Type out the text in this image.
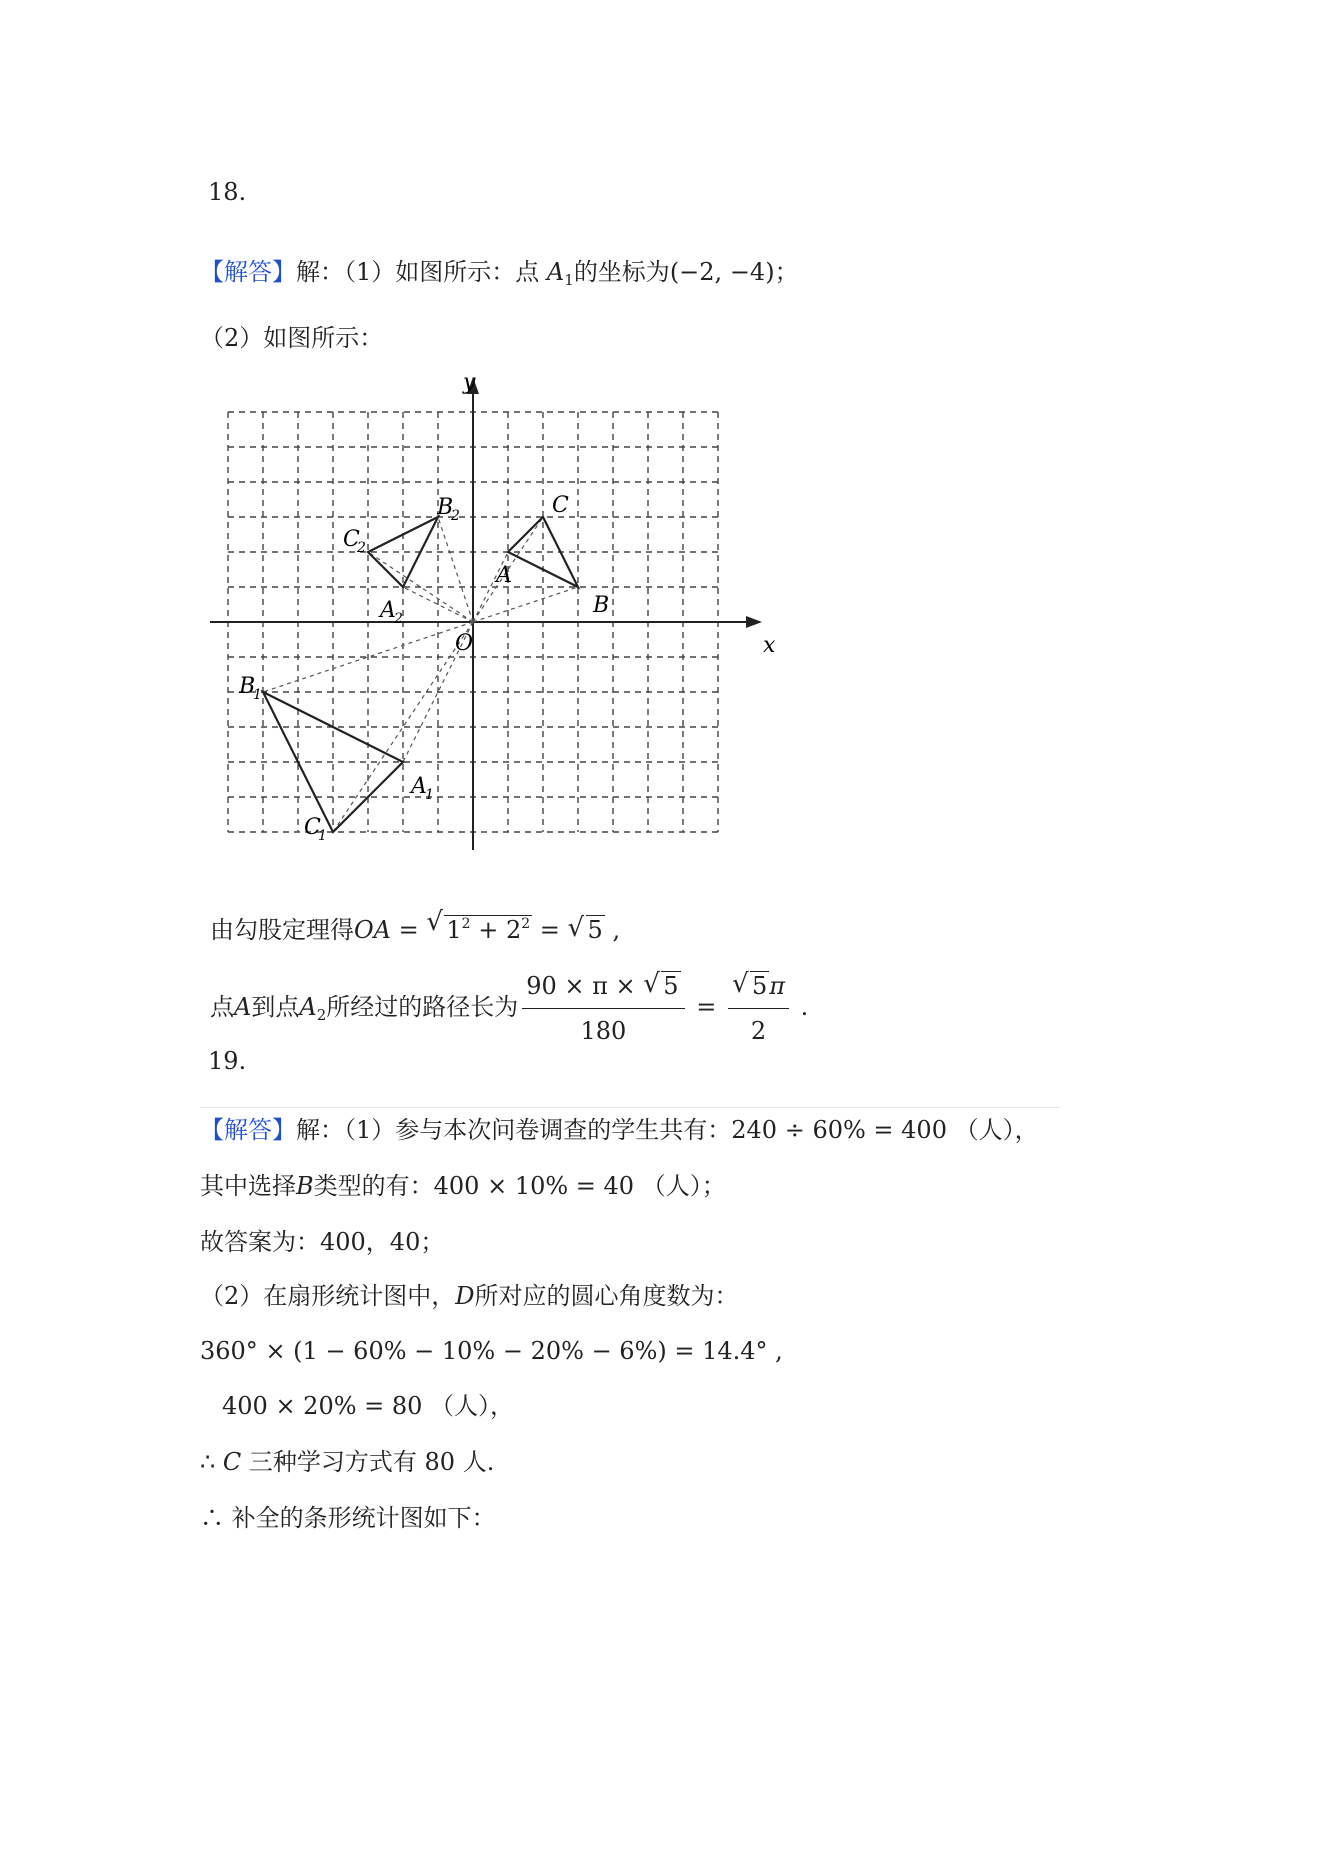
18.
【解答】解：（1）如图所示：点 $A_1$的坐标为(−2, −4)；
（2）如图所示：
y
x
O
C
B
A
B
2
C
2
A
2
B
1
A
1
C
1
由勾股定理得OA = √ $1^2 + 2^2$ = √ 5 ,
点A到点$A_2$所经过的路径长为 $\frac{90 \times \pi \times √ 5}{180} = \frac{√ 5\pi}{2}$ .
19.
【解答】解：（1）参与本次问卷调查的学生共有：240 ÷ 60% = 400 （人），
其中选择B类型的有：400 × 10% = 40 （人）；
故答案为：400，40；
（2）在扇形统计图中，D所对应的圆心角度数为：
360° × (1 − 60% − 10% − 20% − 6%) = 14.4° ,
400 × 20% = 80 （人），
∴ C 三种学习方式有 80 人.
∴ 补全的条形统计图如下：
